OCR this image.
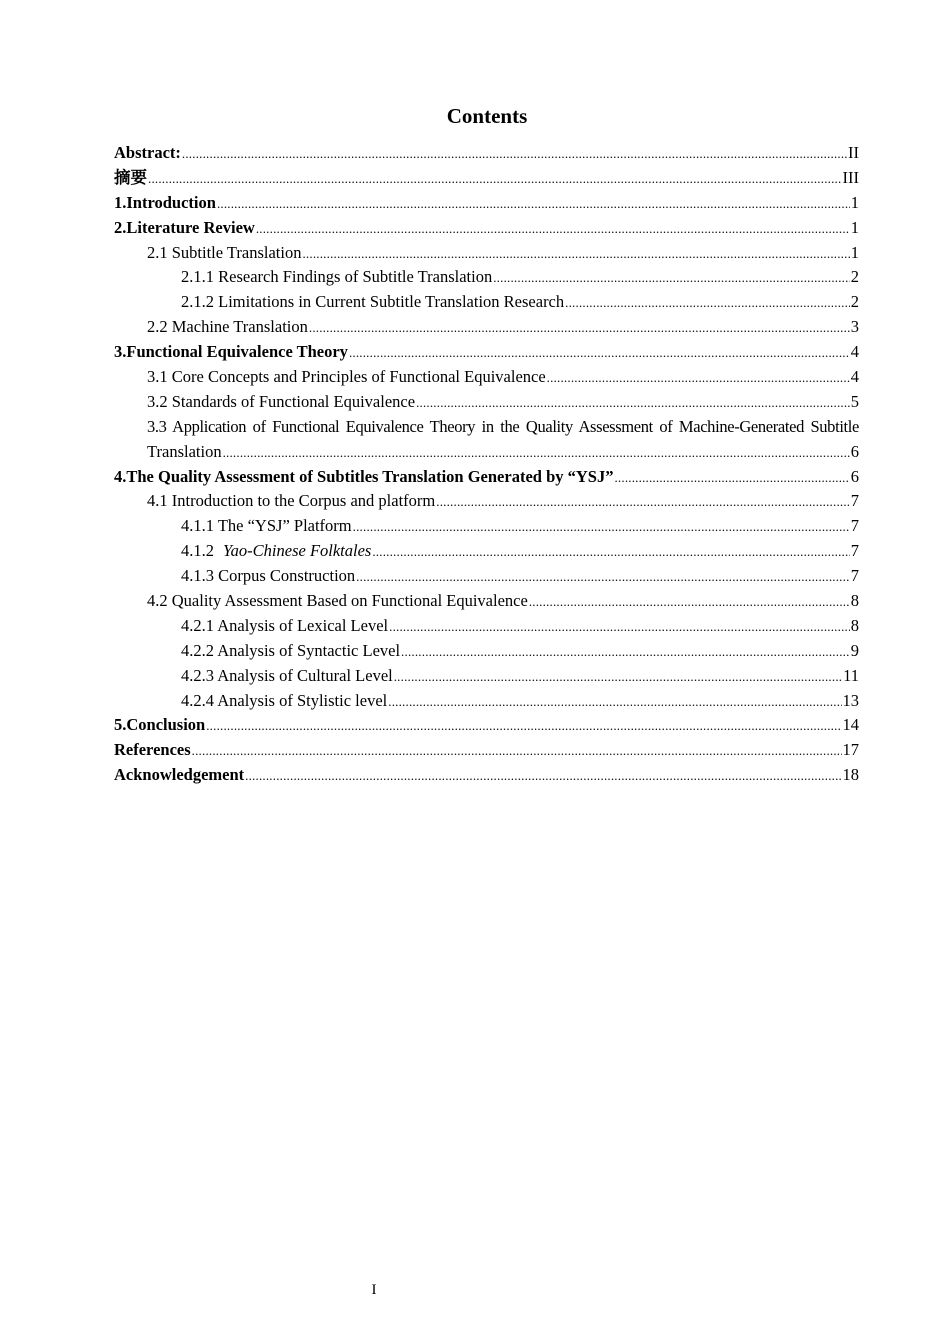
Contents
Abstract: .....	II
摘要 .....	III
1.Introduction .....	1
2.Literature Review .....	1
2.1 Subtitle Translation .....	1
2.1.1 Research Findings of Subtitle Translation .....	2
2.1.2 Limitations in Current Subtitle Translation Research .....	2
2.2 Machine Translation .....	3
3.Functional Equivalence Theory .....	4
3.1 Core Concepts and Principles of Functional Equivalence .....	4
3.2 Standards of Functional Equivalence .....	5
3.3 Application of Functional Equivalence Theory in the Quality Assessment of Machine-Generated Subtitle
Translation .....	6
4.The Quality Assessment of Subtitles Translation Generated by “YSJ” .....	6
4.1 Introduction to the Corpus and platform .....	7
4.1.1 The “YSJ” Platform .....	7
4.1.2 Yao-Chinese Folktales .....	7
4.1.3 Corpus Construction .....	7
4.2 Quality Assessment Based on Functional Equivalence .....	8
4.2.1 Analysis of Lexical Level .....	8
4.2.2 Analysis of Syntactic Level .....	9
4.2.3 Analysis of Cultural Level .....	11
4.2.4 Analysis of Stylistic level .....	13
5.Conclusion .....	14
References .....	17
Acknowledgement .....	18
I
